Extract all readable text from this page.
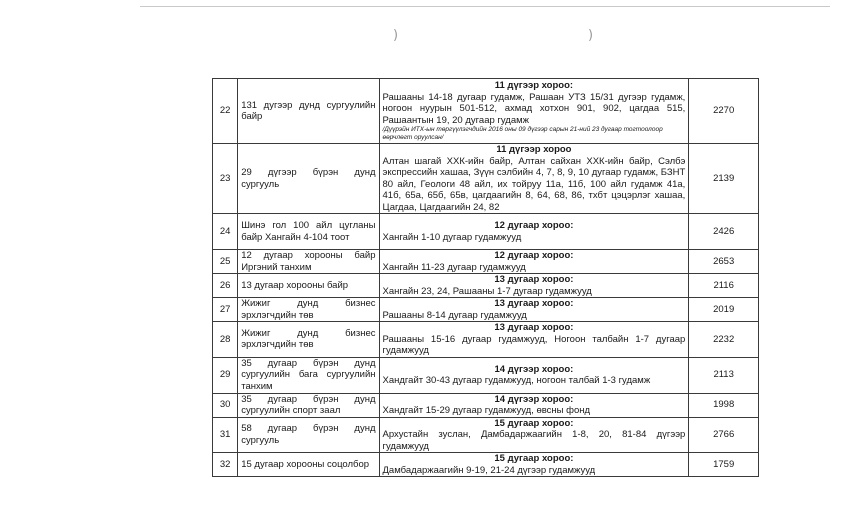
)	)
22	131 дугээр дунд сургуулийн байр	11 дүгээр хороо:
Рашааны 14-18 дугаар гудамж, Рашаан УТЗ 15/31 дугээр гудамж, ногоон нуурын 501-512, ахмад хотхон 901, 902, цагдаа 515, Рашаантын 19, 20 дугаар гудамж
/Дүүрэйн ИТХ-ын төргүүлэгчдийн 2016 оны 09 дүгээр сарын 21-ний 23 дугаар тогтоолоор өөрчлөгт оруулсан/	2270
23	29 дүгээр бүрэн дунд сургууль	11 дүгээр хороо
Алтан шагай ХХК-ийн байр, Алтан сайхан ХХК-ийн байр, Сэлбэ экспрессийн хашаа, Зүүн сэлбийн 4, 7, 8, 9, 10 дугаар гудамж, БЗНТ 80 айл, Геологи 48 айл, их тойруу 11а, 11б, 100 айл гудамж 41а, 41б, 65а, 65б, 65в, цагдаагийн 8, 64, 68, 86, тхбт цэцэрлэг хашаа, Цагдаа, Цагдаагийн 24, 82	2139
24	Шинэ гол 100 айл цугланы байр Хангайн 4-104 тоот	12 дугаар хороо:
Хангайн 1-10 дугаар гудамжууд	2426
25	12 дугаар хорооны байр Иргэний танхим	12 дугаар хороо:
Хангайн 11-23 дугаар гудамжууд	2653
26	13 дугаар хорооны байр	13 дугаар хороо:
Хангайн 23, 24, Рашааны 1-7 дугаар гудамжууд	2116
27	Жижиг дунд бизнес эрхлэгчдийн төв	13 дугаар хороо:
Рашааны 8-14 дугаар гудамжууд	2019
28	Жижиг дунд бизнес эрхлэгчдийн төв	13 дугаар хороо:
Рашааны 15-16 дугаар гудамжууд, Ногоон талбайн 1-7 дугаар гудамжууд	2232
29	35 дугаар бүрэн дунд сургуулийн бага сургуулийн танхим	14 дүгээр хороо:
Хандгайт 30-43 дугаар гудамжууд, ногоон талбай 1-3 гудамж	2113
30	35 дугаар бүрэн дунд сургуулийн спорт заал	14 дүгээр хороо:
Хандгайт 15-29 дугаар гудамжууд, өвсны фонд	1998
31	58 дугаар бүрэн дунд сургууль	15 дугаар хороо:
Архустайн зуслан, Дамбадаржаагийн 1-8, 20, 81-84 дүгээр гудамжууд	2766
32	15 дугаар хорооны соцолбор	15 дугаар хороо:
Дамбадаржаагийн 9-19, 21-24 дүгээр гудамжууд	1759
